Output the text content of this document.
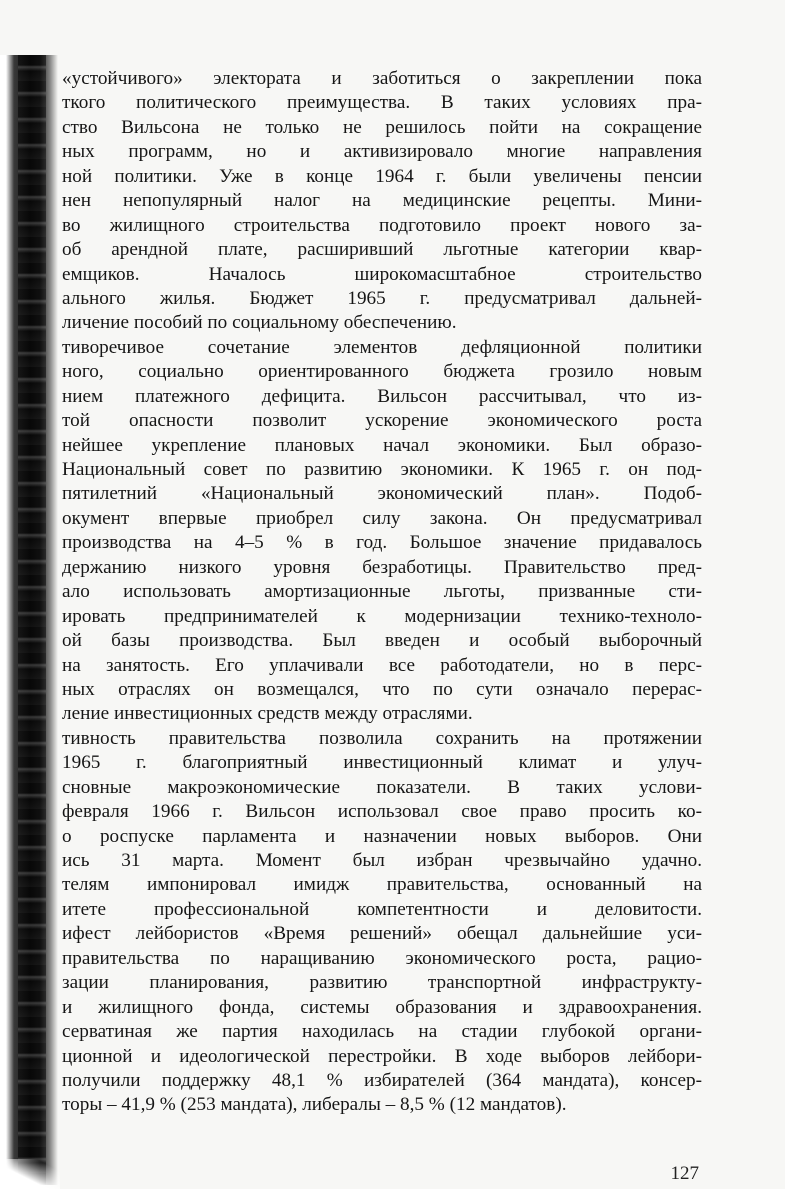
«устойчивого» электората и заботиться о закреплении пока
ткого политического преимущества. В таких условиях пра-
ство Вильсона не только не решилось пойти на сокращение
ных программ, но и активизировало многие направления
ной политики. Уже в конце 1964 г. были увеличены пенсии
нен непопулярный налог на медицинские рецепты. Мини-
во жилищного строительства подготовило проект нового за-
об арендной плате, расширивший льготные категории квар-
емщиков. Началось широкомасштабное строительство
ального жилья. Бюджет 1965 г. предусматривал дальней-
личение пособий по социальному обеспечению.
тиворечивое сочетание элементов дефляционной политики
ного, социально ориентированного бюджета грозило новым
нием платежного дефицита. Вильсон рассчитывал, что из-
той опасности позволит ускорение экономического роста
нейшее укрепление плановых начал экономики. Был образо-
Национальный совет по развитию экономики. К 1965 г. он под-
пятилетний «Национальный экономический план». Подоб-
окумент впервые приобрел силу закона. Он предусматривал
производства на 4–5 % в год. Большое значение придавалось
держанию низкого уровня безработицы. Правительство пред-
ало использовать амортизационные льготы, призванные сти-
ировать предпринимателей к модернизации технико-техноло-
ой базы производства. Был введен и особый выборочный
на занятость. Его уплачивали все работодатели, но в перс-
ных отраслях он возмещался, что по сути означало перерас-
ление инвестиционных средств между отраслями.
тивность правительства позволила сохранить на протяжении
1965 г. благоприятный инвестиционный климат и улуч-
сновные макроэкономические показатели. В таких услови-
февраля 1966 г. Вильсон использовал свое право просить ко-
о роспуске парламента и назначении новых выборов. Они
ись 31 марта. Момент был избран чрезвычайно удачно.
телям импонировал имидж правительства, основанный на
итете профессиональной компетентности и деловитости.
ифест лейбористов «Время решений» обещал дальнейшие уси-
правительства по наращиванию экономического роста, рацио-
зации планирования, развитию транспортной инфраструкту-
и жилищного фонда, системы образования и здравоохранения.
серватиная же партия находилась на стадии глубокой органи-
ционной и идеологической перестройки. В ходе выборов лейбори-
получили поддержку 48,1 % избирателей (364 мандата), консер-
торы – 41,9 % (253 мандата), либералы – 8,5 % (12 мандатов).
127
